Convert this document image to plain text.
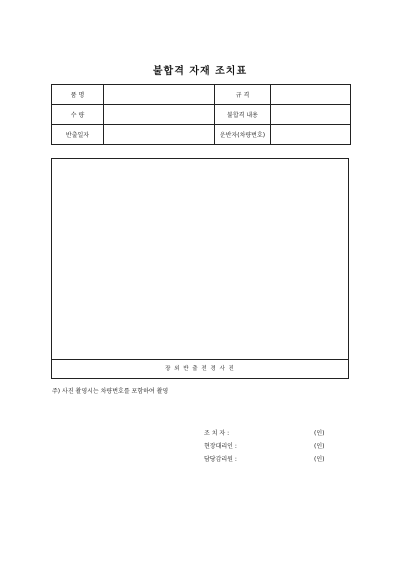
불합격 자재 조치표
품 명		규 격	
수 량		불합격 내용	
반출일자		운반자(차량번호)	
장 외 반 출 전 경 사 진
주) 사진 촬영시는 차량번호를 포함하여 촬영
조 치 자 :	(인)
현장대리인 :	(인)
담당감리원 :	(인)
